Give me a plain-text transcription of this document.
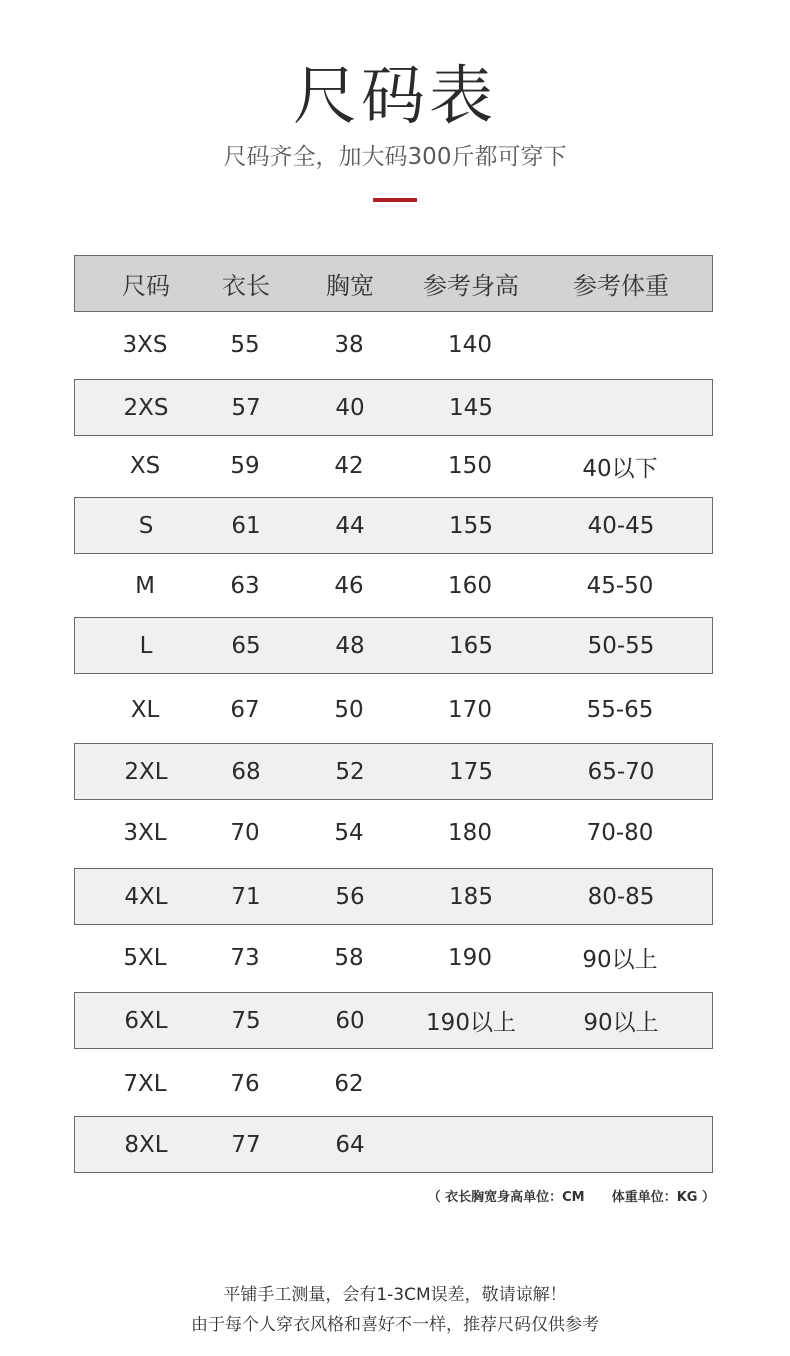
尺码表
尺码齐全，加大码300斤都可穿下
尺码	衣长	胸宽	参考身高	参考体重
3XS	55	38	140
2XS	57	40	145
XS	59	42	150	40以下
S	61	44	155	40-45
M	63	46	160	45-50
L	65	48	165	50-55
XL	67	50	170	55-65
2XL	68	52	175	65-70
3XL	70	54	180	70-80
4XL	71	56	185	80-85
5XL	73	58	190	90以上
6XL	75	60	190以上	90以上
7XL	76	62
8XL	77	64
（ 衣长胸宽身高单位：CM      体重单位：KG ）
平铺手工测量，会有1-3CM误差，敬请谅解！
由于每个人穿衣风格和喜好不一样，推荐尺码仅供参考
